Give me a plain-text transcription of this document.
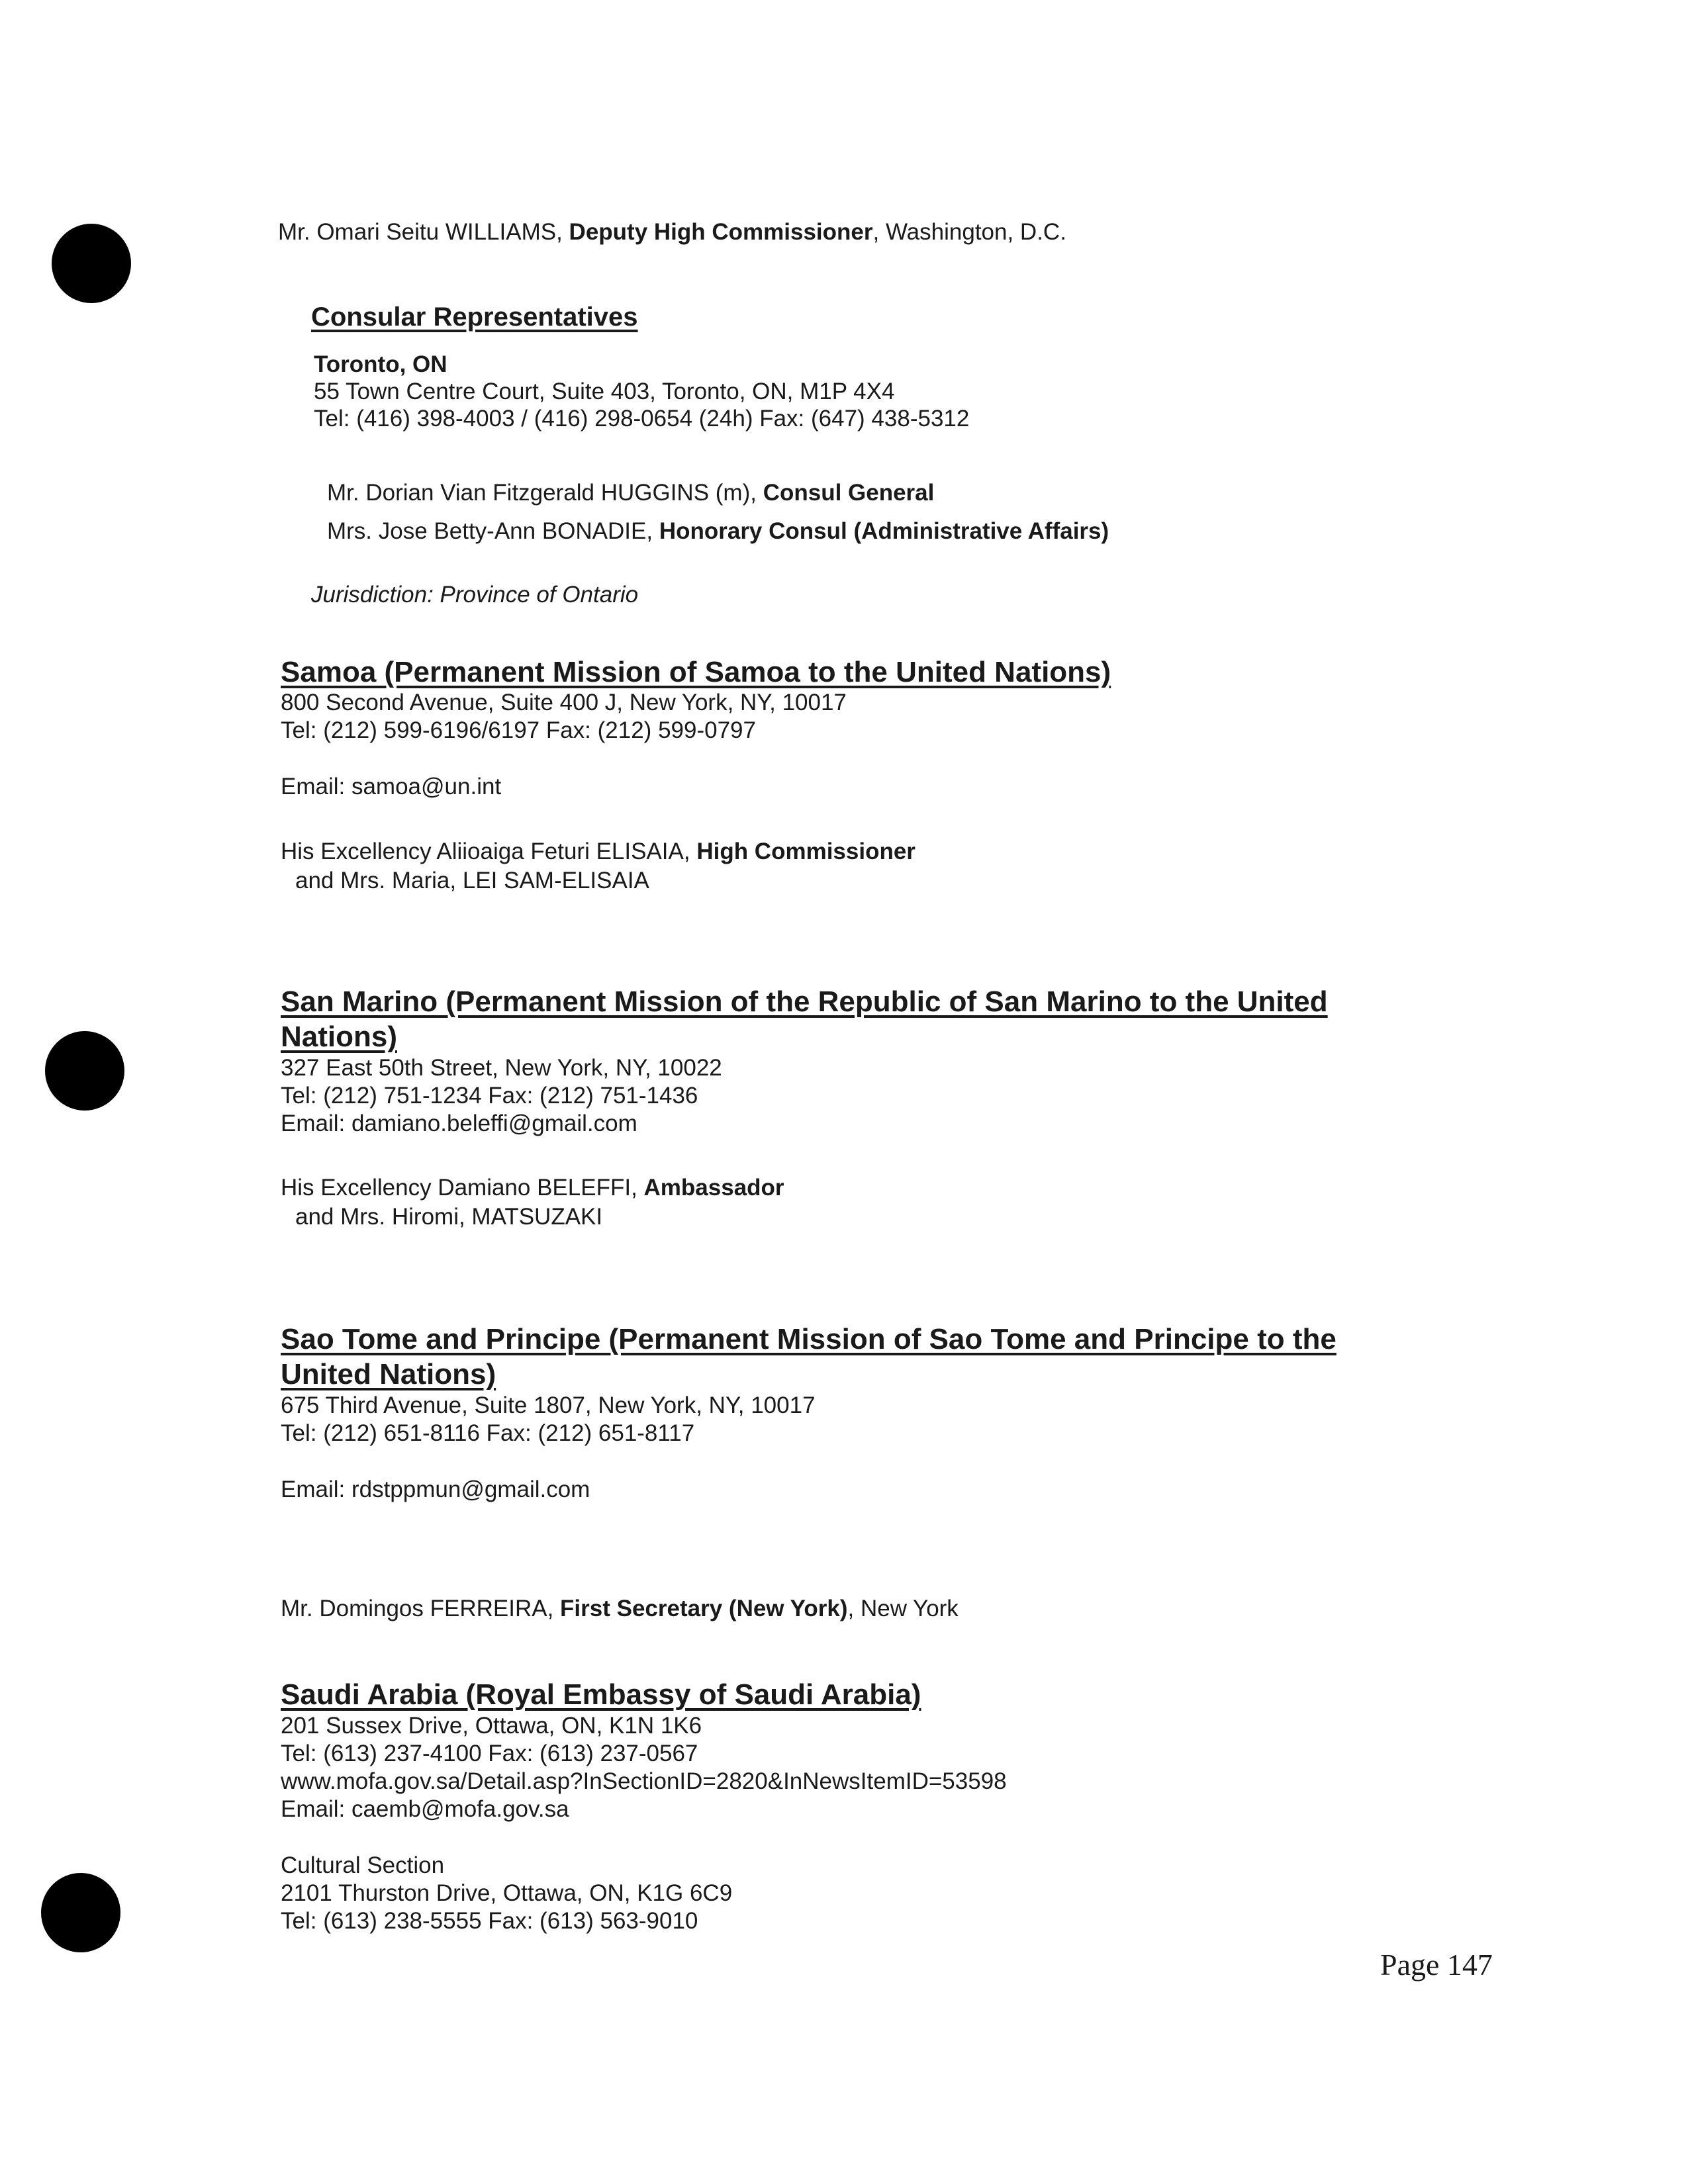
Mr. Omari Seitu WILLIAMS, Deputy High Commissioner, Washington, D.C.
Consular Representatives
Toronto, ON
55 Town Centre Court, Suite 403, Toronto, ON, M1P 4X4
Tel: (416) 398-4003 / (416) 298-0654 (24h) Fax: (647) 438-5312
Mr. Dorian Vian Fitzgerald HUGGINS (m), Consul General
Mrs. Jose Betty-Ann BONADIE, Honorary Consul (Administrative Affairs)
Jurisdiction: Province of Ontario
Samoa (Permanent Mission of Samoa to the United Nations)
800 Second Avenue, Suite 400 J, New York, NY, 10017
Tel: (212) 599-6196/6197 Fax: (212) 599-0797
Email: samoa@un.int
His Excellency Aliioaiga Feturi ELISAIA, High Commissioner
and Mrs. Maria, LEI SAM-ELISAIA
San Marino (Permanent Mission of the Republic of San Marino to the United
Nations)
327 East 50th Street, New York, NY, 10022
Tel: (212) 751-1234 Fax: (212) 751-1436
Email: damiano.beleffi@gmail.com
His Excellency Damiano BELEFFI, Ambassador
and Mrs. Hiromi, MATSUZAKI
Sao Tome and Principe (Permanent Mission of Sao Tome and Principe to the
United Nations)
675 Third Avenue, Suite 1807, New York, NY, 10017
Tel: (212) 651-8116 Fax: (212) 651-8117
Email: rdstppmun@gmail.com
Mr. Domingos FERREIRA, First Secretary (New York), New York
Saudi Arabia (Royal Embassy of Saudi Arabia)
201 Sussex Drive, Ottawa, ON, K1N 1K6
Tel: (613) 237-4100 Fax: (613) 237-0567
www.mofa.gov.sa/Detail.asp?InSectionID=2820&InNewsItemID=53598
Email: caemb@mofa.gov.sa
Cultural Section
2101 Thurston Drive, Ottawa, ON, K1G 6C9
Tel: (613) 238-5555 Fax: (613) 563-9010
Page 147
